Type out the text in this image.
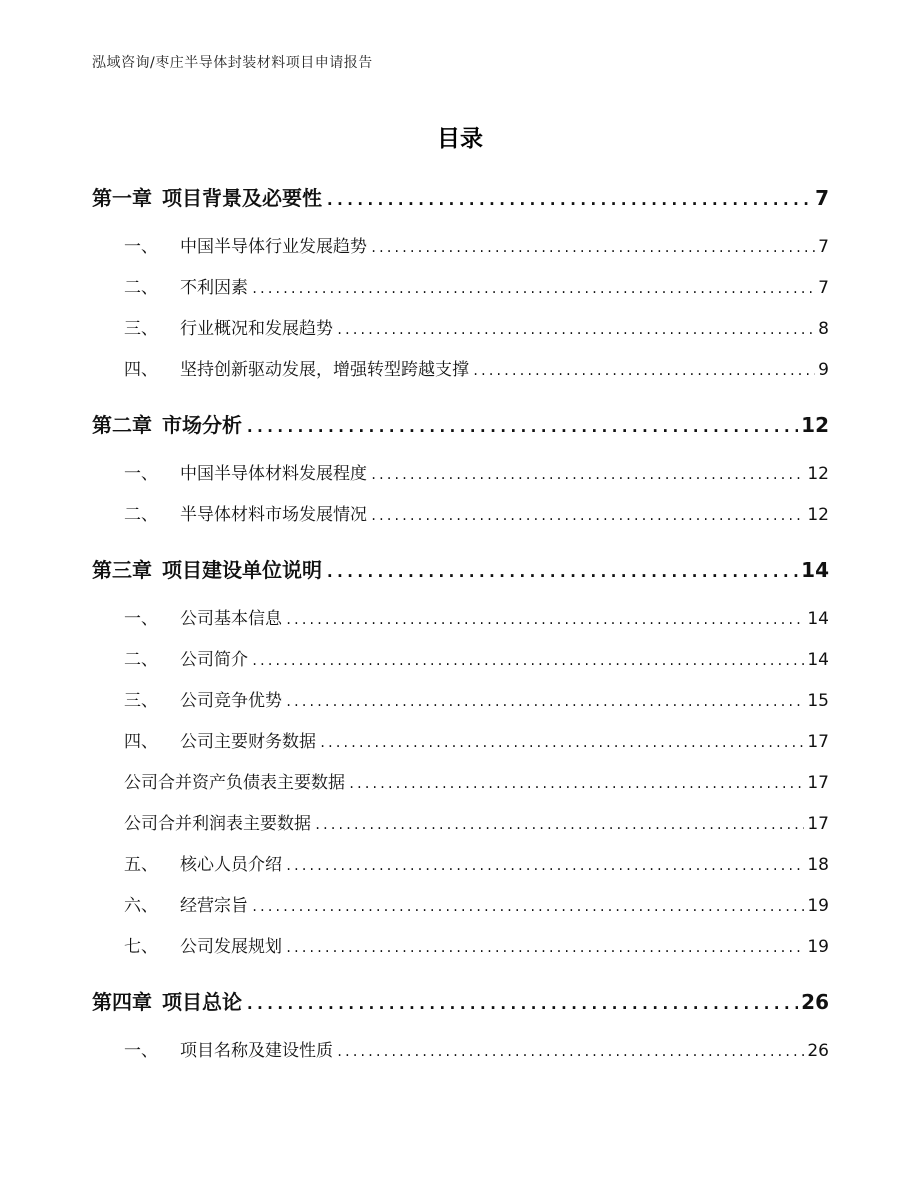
泓域咨询/枣庄半导体封装材料项目申请报告
目录
第一章 项目背景及必要性 .....	7
一、 中国半导体行业发展趋势 .....	7
二、 不利因素 .....	7
三、 行业概况和发展趋势 .....	8
四、 坚持创新驱动发展，增强转型跨越支撑 .....	9
第二章 市场分析 .....	12
一、 中国半导体材料发展程度 .....	12
二、 半导体材料市场发展情况 .....	12
第三章 项目建设单位说明 .....	14
一、 公司基本信息 .....	14
二、 公司简介 .....	14
三、 公司竞争优势 .....	15
四、 公司主要财务数据 .....	17
公司合并资产负债表主要数据 .....	17
公司合并利润表主要数据 .....	17
五、 核心人员介绍 .....	18
六、 经营宗旨 .....	19
七、 公司发展规划 .....	19
第四章 项目总论 .....	26
一、 项目名称及建设性质 .....	26
